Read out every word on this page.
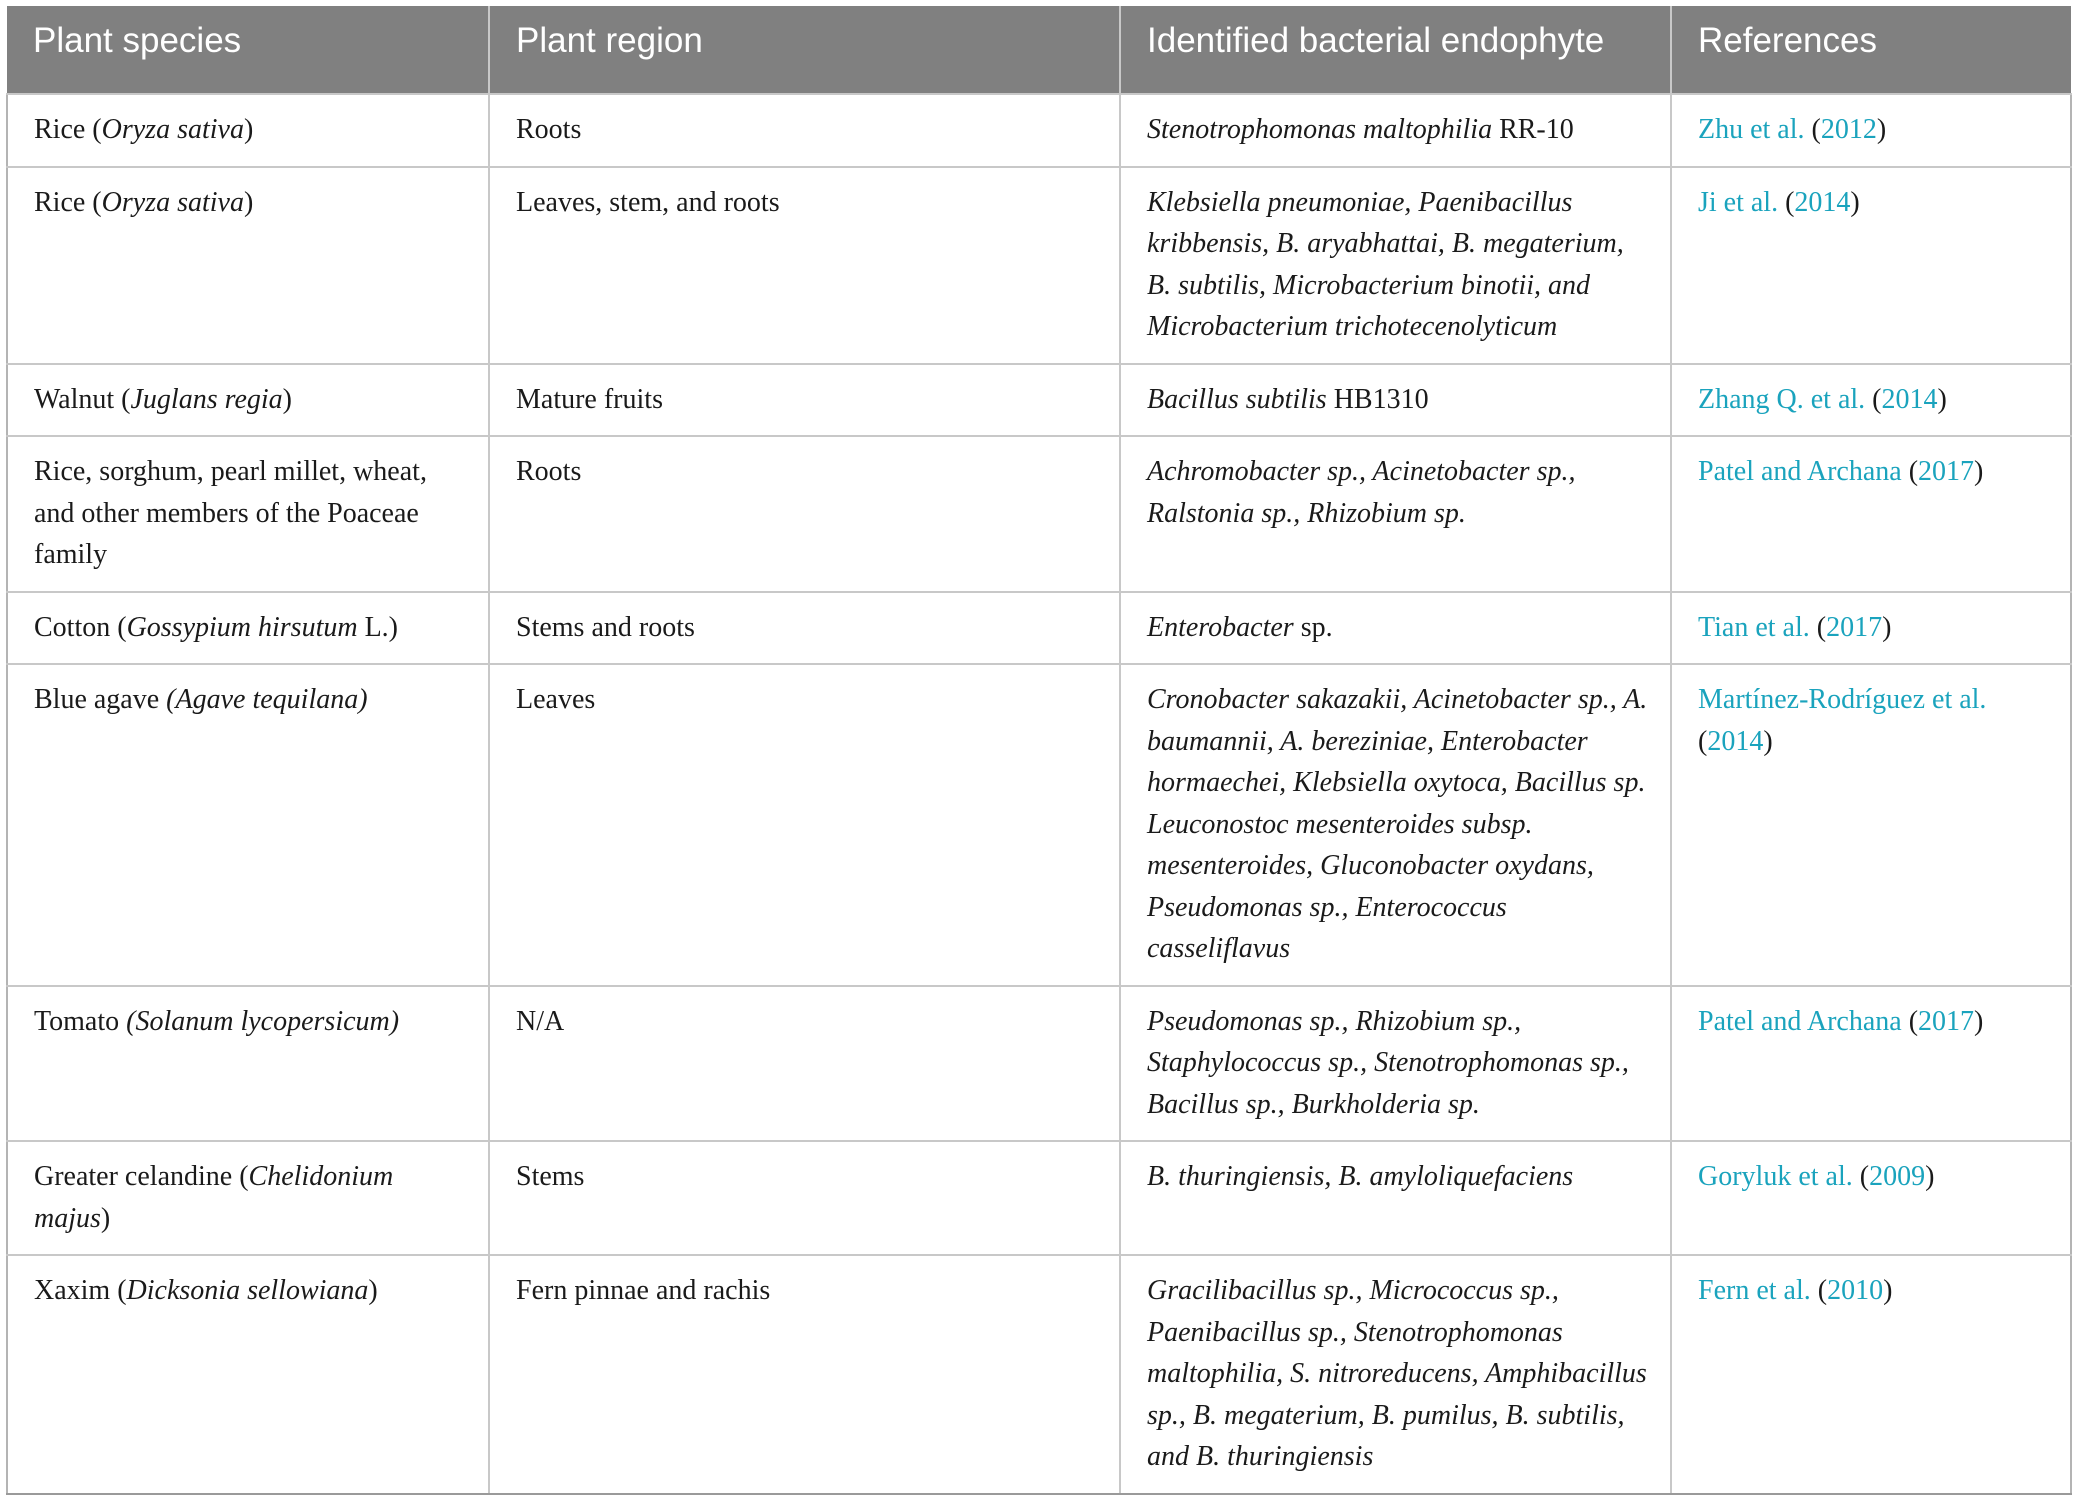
Plant species	Plant region	Identified bacterial endophyte	References
Rice (Oryza sativa)	Roots	Stenotrophomonas maltophilia RR-10	Zhu et al. (2012)
Rice (Oryza sativa)	Leaves, stem, and roots	Klebsiella pneumoniae, Paenibacillus kribbensis, B. aryabhattai, B. megaterium, B. subtilis, Microbacterium binotii, and Microbacterium trichotecenolyticum	Ji et al. (2014)
Walnut (Juglans regia)	Mature fruits	Bacillus subtilis HB1310	Zhang Q. et al. (2014)
Rice, sorghum, pearl millet, wheat, and other members of the Poaceae family	Roots	Achromobacter sp., Acinetobacter sp., Ralstonia sp., Rhizobium sp.	Patel and Archana (2017)
Cotton (Gossypium hirsutum L.)	Stems and roots	Enterobacter sp.	Tian et al. (2017)
Blue agave (Agave tequilana)	Leaves	Cronobacter sakazakii, Acinetobacter sp., A. baumannii, A. bereziniae, Enterobacter hormaechei, Klebsiella oxytoca, Bacillus sp. Leuconostoc mesenteroides subsp. mesenteroides, Gluconobacter oxydans, Pseudomonas sp., Enterococcus casseliflavus	Martínez-Rodríguez et al. (2014)
Tomato (Solanum lycopersicum)	N/A	Pseudomonas sp., Rhizobium sp., Staphylococcus sp., Stenotrophomonas sp., Bacillus sp., Burkholderia sp.	Patel and Archana (2017)
Greater celandine (Chelidonium majus)	Stems	B. thuringiensis, B. amyloliquefaciens	Goryluk et al. (2009)
Xaxim (Dicksonia sellowiana)	Fern pinnae and rachis	Gracilibacillus sp., Micrococcus sp., Paenibacillus sp., Stenotrophomonas maltophilia, S. nitroreducens, Amphibacillus sp., B. megaterium, B. pumilus, B. subtilis, and B. thuringiensis	Fern et al. (2010)
